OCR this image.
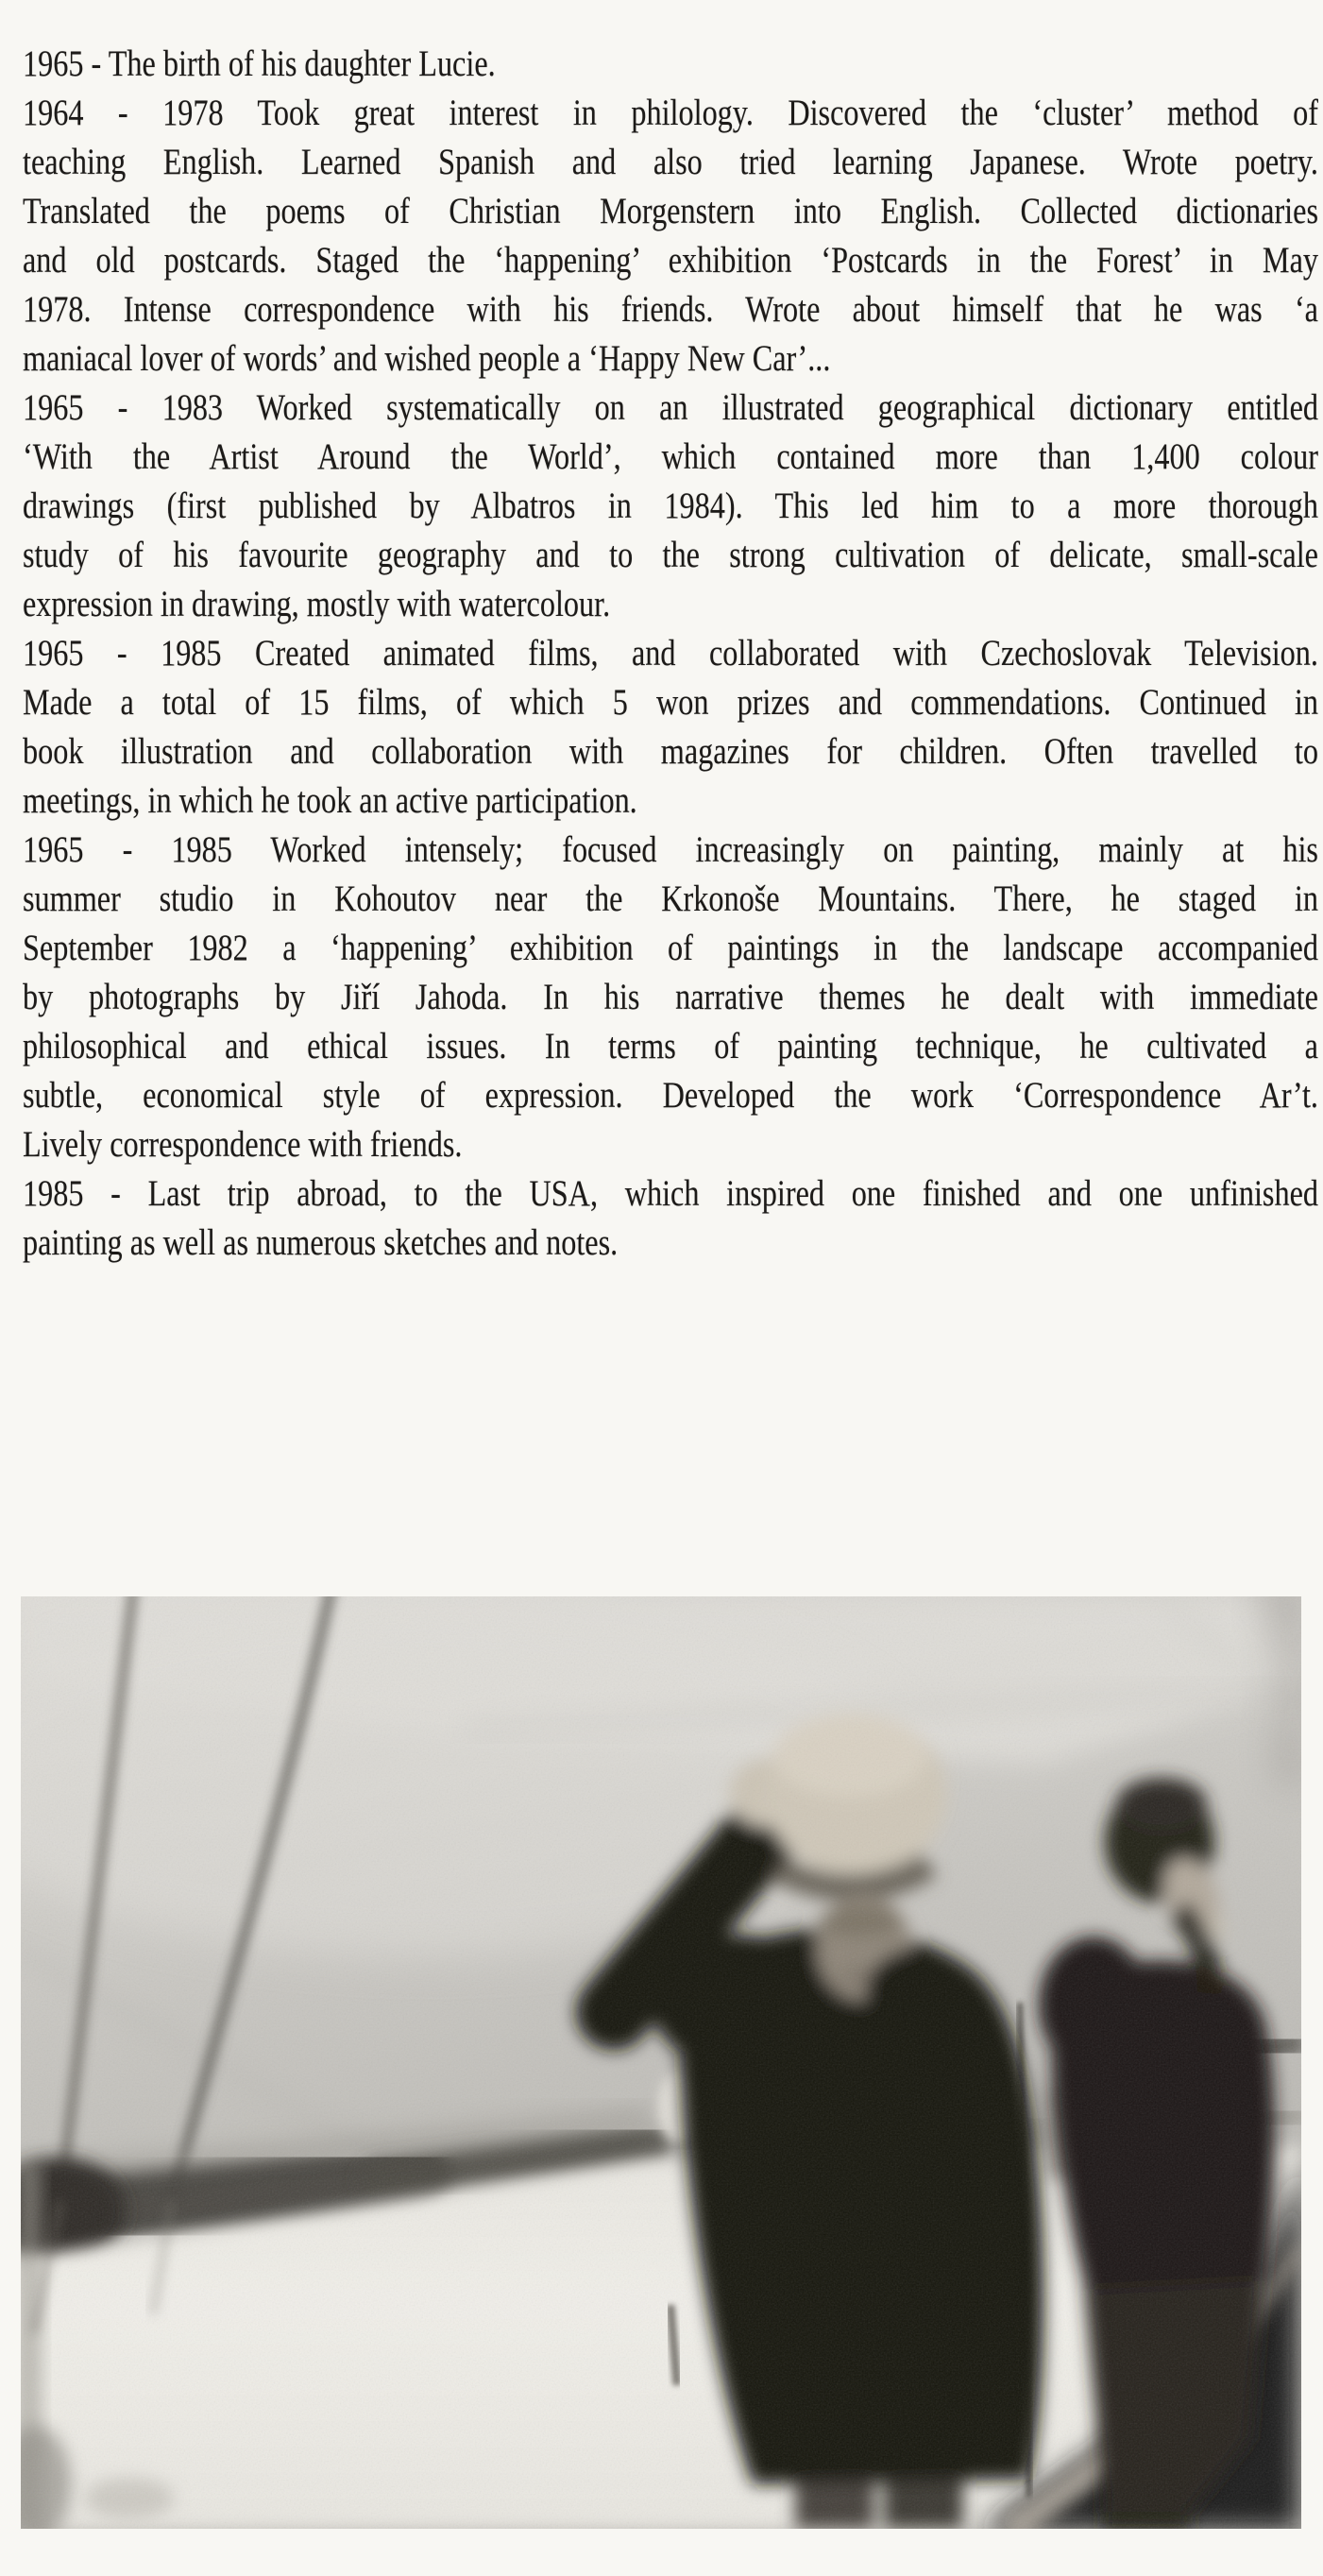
1965 - The birth of his daughter Lucie.
1964 - 1978 Took great interest in philology. Discovered the ‘cluster’ method of
teaching English. Learned Spanish and also tried learning Japanese. Wrote poetry.
Translated the poems of Christian Morgenstern into English. Collected dictionaries
and old postcards. Staged the ‘happening’ exhibition ‘Postcards in the Forest’ in May
1978. Intense correspondence with his friends. Wrote about himself that he was ‘a
maniacal lover of words’ and wished people a ‘Happy New Car’...
1965 - 1983 Worked systematically on an illustrated geographical dictionary entitled
‘With the Artist Around the World’, which contained more than 1,400 colour
drawings (first published by Albatros in 1984). This led him to a more thorough
study of his favourite geography and to the strong cultivation of delicate, small-scale
expression in drawing, mostly with watercolour.
1965 - 1985 Created animated films, and collaborated with Czechoslovak Television.
Made a total of 15 films, of which 5 won prizes and commendations. Continued in
book illustration and collaboration with magazines for children. Often travelled to
meetings, in which he took an active participation.
1965 - 1985 Worked intensely; focused increasingly on painting, mainly at his
summer studio in Kohoutov near the Krkonoše Mountains. There, he staged in
September 1982 a ‘happening’ exhibition of paintings in the landscape accompanied
by photographs by Jiří Jahoda. In his narrative themes he dealt with immediate
philosophical and ethical issues. In terms of painting technique, he cultivated a
subtle, economical style of expression. Developed the work ‘Correspondence Ar’t.
Lively correspondence with friends.
1985 - Last trip abroad, to the USA, which inspired one finished and one unfinished
painting as well as numerous sketches and notes.
